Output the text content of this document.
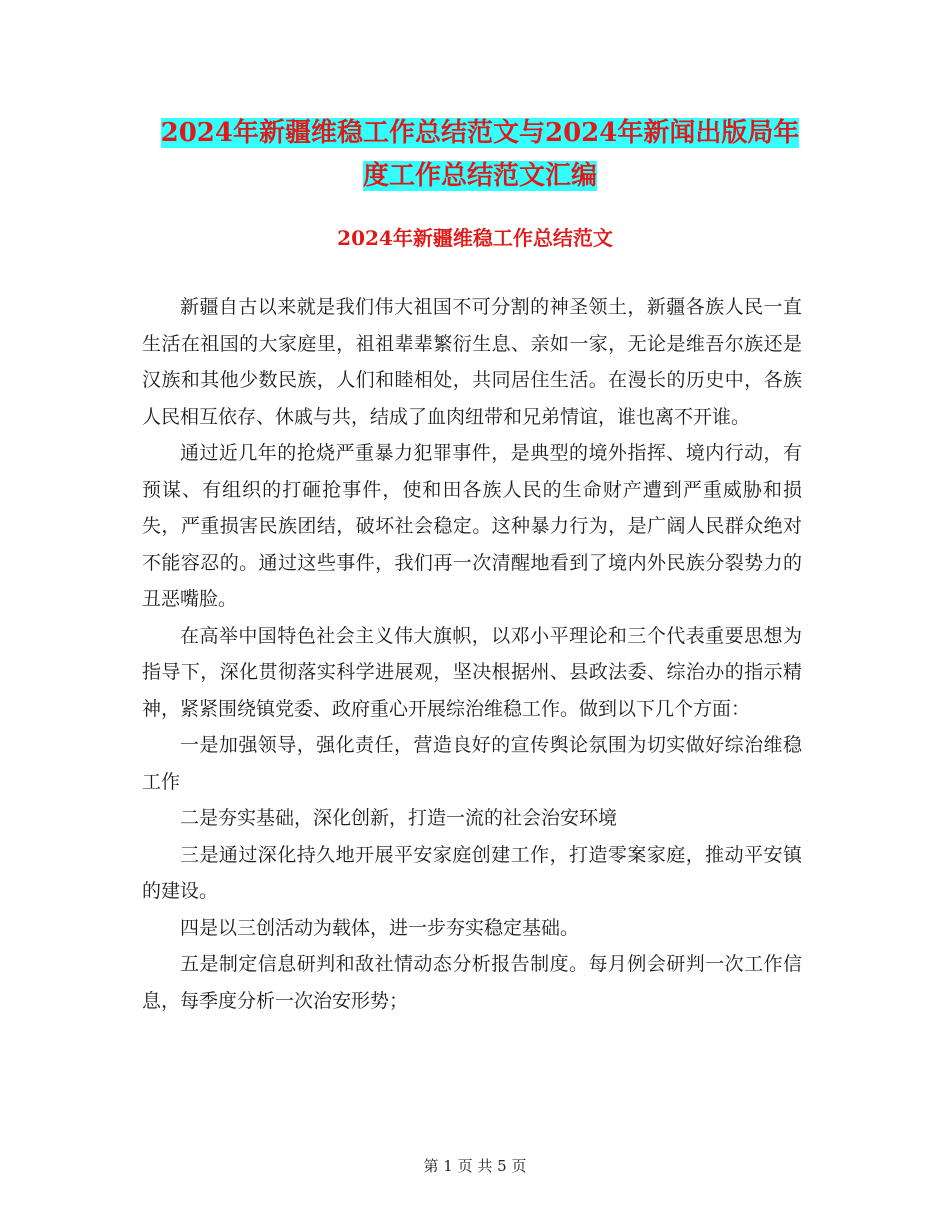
2024年新疆维稳工作总结范文与2024年新闻出版局年
度工作总结范文汇编
2024年新疆维稳工作总结范文

新疆自古以来就是我们伟大祖国不可分割的神圣领土，新疆各族人民一直生活在祖国的大家庭里，祖祖辈辈繁衍生息、亲如一家，无论是维吾尔族还是汉族和其他少数民族，人们和睦相处，共同居住生活。在漫长的历史中，各族人民相互依存、休戚与共，结成了血肉纽带和兄弟情谊，谁也离不开谁。

通过近几年的抢烧严重暴力犯罪事件，是典型的境外指挥、境内行动，有预谋、有组织的打砸抢事件，使和田各族人民的生命财产遭到严重威胁和损失，严重损害民族团结，破坏社会稳定。这种暴力行为，是广阔人民群众绝对不能容忍的。通过这些事件，我们再一次清醒地看到了境内外民族分裂势力的丑恶嘴脸。

在高举中国特色社会主义伟大旗帜，以邓小平理论和三个代表重要思想为指导下，深化贯彻落实科学进展观，坚决根据州、县政法委、综治办的指示精神，紧紧围绕镇党委、政府重心开展综治维稳工作。做到以下几个方面：

一是加强领导，强化责任，营造良好的宣传舆论氛围为切实做好综治维稳工作

二是夯实基础，深化创新，打造一流的社会治安环境

三是通过深化持久地开展平安家庭创建工作，打造零案家庭，推动平安镇的建设。

四是以三创活动为载体，进一步夯实稳定基础。

五是制定信息研判和敌社情动态分析报告制度。每月例会研判一次工作信息，每季度分析一次治安形势；

第 1 页 共 5 页
